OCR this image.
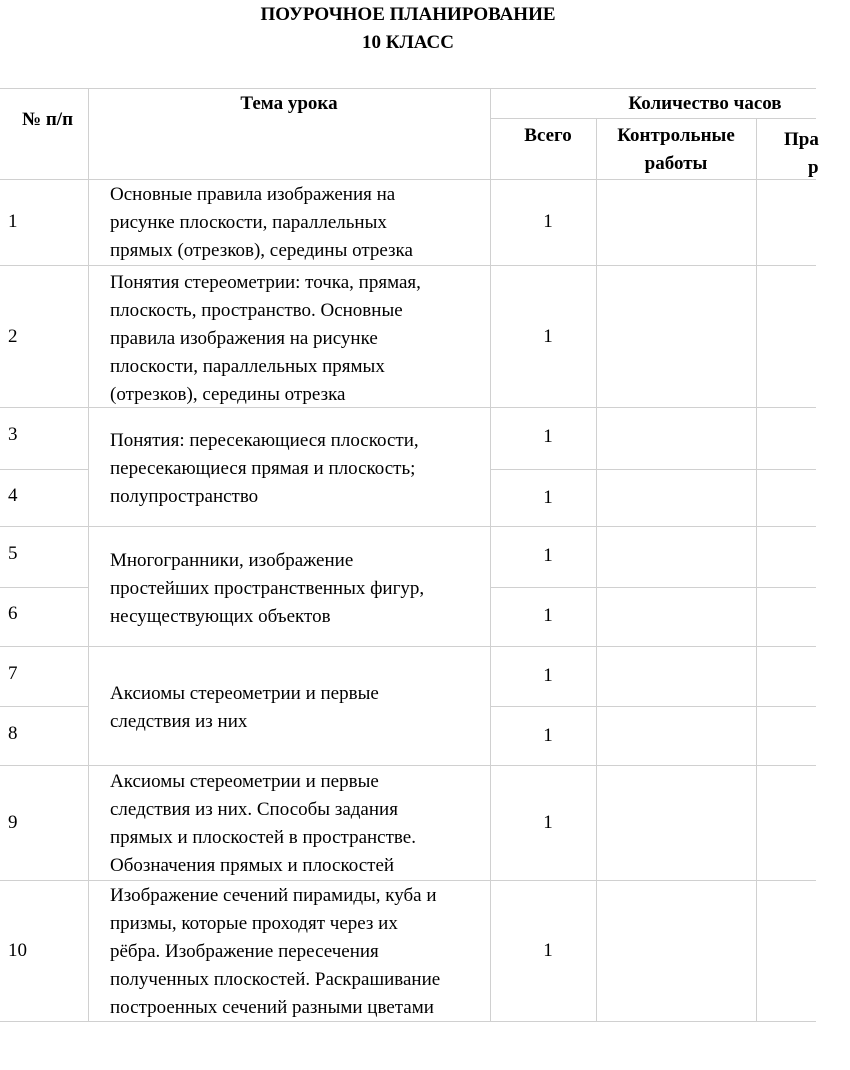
ПОУРОЧНОЕ ПЛАНИРОВАНИЕ
10 КЛАСС
№ п/п
Тема урока	Количество часов
Всего	Контрольные
работы
Пра
р
1
2
3
4
5
6
7
8
9
10
1
1
1
1
1
1
1
1
1
1
Основные правила изображения на
рисунке плоскости, параллельных
прямых (отрезков), середины отрезка
Понятия стереометрии: точка, прямая,
плоскость, пространство. Основные
правила изображения на рисунке
плоскости, параллельных прямых
(отрезков), середины отрезка
Понятия: пересекающиеся плоскости,
пересекающиеся прямая и плоскость;
полупространство
Многогранники, изображение
простейших пространственных фигур,
несуществующих объектов
Аксиомы стереометрии и первые
следствия из них
Аксиомы стереометрии и первые
следствия из них. Способы задания
прямых и плоскостей в пространстве.
Обозначения прямых и плоскостей
Изображение сечений пирамиды, куба и
призмы, которые проходят через их
рёбра. Изображение пересечения
полученных плоскостей. Раскрашивание
построенных сечений разными цветами
